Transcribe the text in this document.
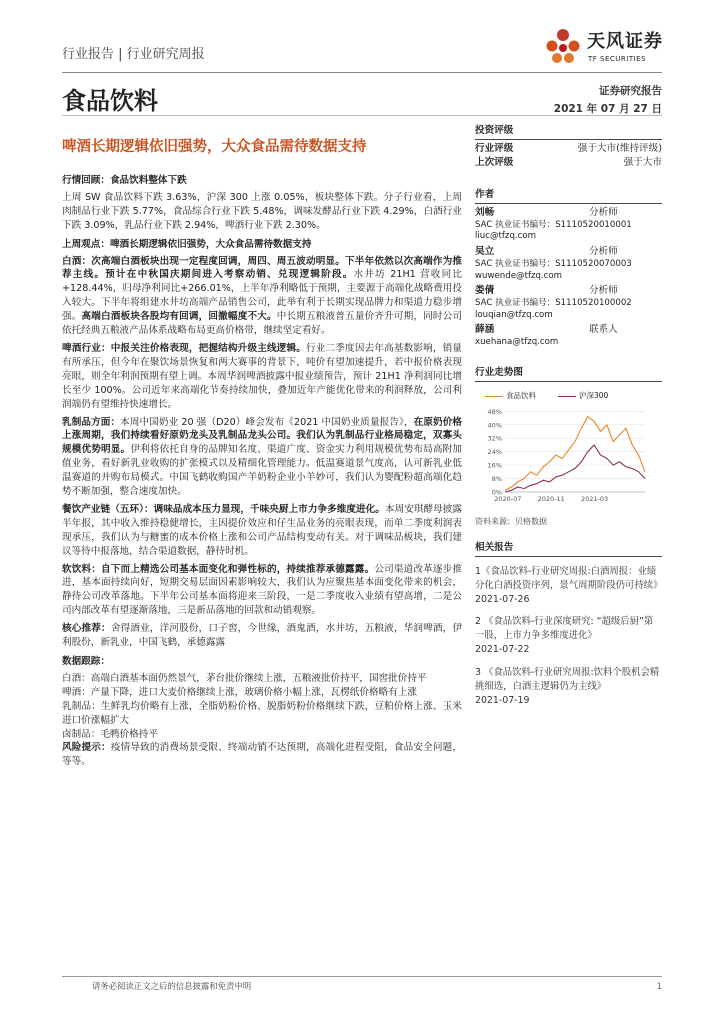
行业报告 | 行业研究周报
天风证券
TF SECURITIES
食品饮料	证券研究报告
2021 年 07 月 27 日
啤酒长期逻辑依旧强势，大众食品需待数据支持
行情回顾：食品饮料整体下跌

上周 SW 食品饮料下跌 3.63%，沪深 300 上涨 0.05%，板块整体下跌。分子行业看，上周肉制品行业下跌 5.77%，食品综合行业下跌 5.48%，调味发酵品行业下跌 4.29%，白酒行业下跌 3.09%，乳品行业下跌 2.94%，啤酒行业下跌 2.30%。

上周观点：啤酒长期逻辑依旧强势，大众食品需待数据支持

白酒：次高端白酒板块出现一定程度回调，周四、周五波动明显。下半年依然以次高端作为推荐主线。预计在中秋国庆期间进入考察动销、兑现逻辑阶段。水井坊 21H1 营收同比+128.44%，归母净利同比+266.01%，上半年净利略低于预期，主要源于高端化战略费用投入较大。下半年将组建水井坊高端产品销售公司，此举有利于长期实现品牌力和渠道力稳步增强。高端白酒板块各股均有回调，回撤幅度不大。中长期五粮液普五量价齐升可期，同时公司依托经典五粮液产品体系战略布局更高价格带，继续坚定看好。

啤酒行业：中报关注价格表现，把握结构升级主线逻辑。行业二季度因去年高基数影响，销量有所承压，但今年在聚饮场景恢复和两大赛事的背景下，吨价有望加速提升，若中报价格表现亮眼，则全年利润预期有望上调。本周华润啤酒披露中报业绩预告，预计 21H1 净利润同比增长至少 100%。公司近年来高端化节奏持续加快，叠加近年产能优化带来的利润释放，公司利润端仍有望维持快速增长。

乳制品方面：本周中国奶业 20 强（D20）峰会发布《2021 中国奶业质量报告》，在原奶价格上涨周期，我们持续看好原奶龙头及乳制品龙头公司。我们认为乳制品行业格局稳定，双寡头规模优势明显。伊利将依托自身的品牌知名度、渠道广度、资金实力利用规模优势布局高附加值业务，看好新乳业收购的扩张模式以及精细化管理能力。低温赛道景气度高，认可新乳业低温赛道的并购布局模式。中国飞鹤收购国产羊奶粉企业小羊妙可，我们认为婴配粉超高端化趋势不断加强，整合速度加快。

餐饮产业链（五环）：调味品成本压力显现，千味央厨上市力争多维度进化。本周安琪酵母披露半年报，其中收入维持稳健增长，主因提价效应和仔生品业务的亮眼表现，而单二季度利润表现承压，我们认为与糖蜜的成本价格上涨和公司产品结构变动有关。对于调味品板块，我们建议等待中报落地，结合渠道数据，静待时机。

软饮料：自下而上精选公司基本面变化和弹性标的，持续推荐承德露露。公司渠道改革逐步推进，基本面持续向好，短期交易层面因素影响较大，我们认为应聚焦基本面变化带来的机会，静待公司改革落地。下半年公司基本面将迎来三阶段，一是二季度收入业绩有望高增，二是公司内部改革有望逐渐落地，三是新品落地的回款和动销观察。

核心推荐：舍得酒业，洋河股份，口子窖，今世缘，酒鬼酒，水井坊，五粮液，华润啤酒，伊利股份，新乳业，中国飞鹤，承德露露

数据跟踪：

白酒：高端白酒基本面仍然景气，茅台批价继续上涨，五粮液批价持平，国窖批价持平

啤酒：产量下降，进口大麦价格继续上涨，玻璃价格小幅上涨，瓦楞纸价格略有上涨

乳制品：生鲜乳均价略有上涨，全脂奶粉价格、脱脂奶粉价格继续下跌，豆粕价格上涨、玉米进口价涨幅扩大

卤制品：毛鸭价格持平

风险提示：疫情导致的消费场景受限、终端动销不达预期，高端化进程受阻，食品安全问题，等等。

投资评级
行业评级	强于大市(维持评级)
上次评级	强于大市
作者
刘畅	分析师
SAC 执业证书编号：S1110520010001
liuc@tfzq.com
吴立	分析师
SAC 执业证书编号：S1110520070003
wuwende@tfzq.com
娄倩	分析师
SAC 执业证书编号：S1110520100002
louqian@tfzq.com
薛涵	联系人
xuehana@tfzq.com
行业走势图
食品饮料	沪深300
0%
8%
16%
24%
32%
40%
48%
2020-07 2020-11 2021-03
资料来源：贝格数据
相关报告
1《食品饮料-行业研究周报:白酒周报：业绩分化白酒投资序列，景气周期阶段仍可持续》
2021-07-26
2 《食品饮料-行业深度研究: “超级后厨”第一股，上市力争多维度进化》
2021-07-22
3 《食品饮料-行业研究周报:饮料个股机会精挑细选，白酒主逻辑仍为主线》
2021-07-19
请务必阅读正文之后的信息披露和免责申明	1
